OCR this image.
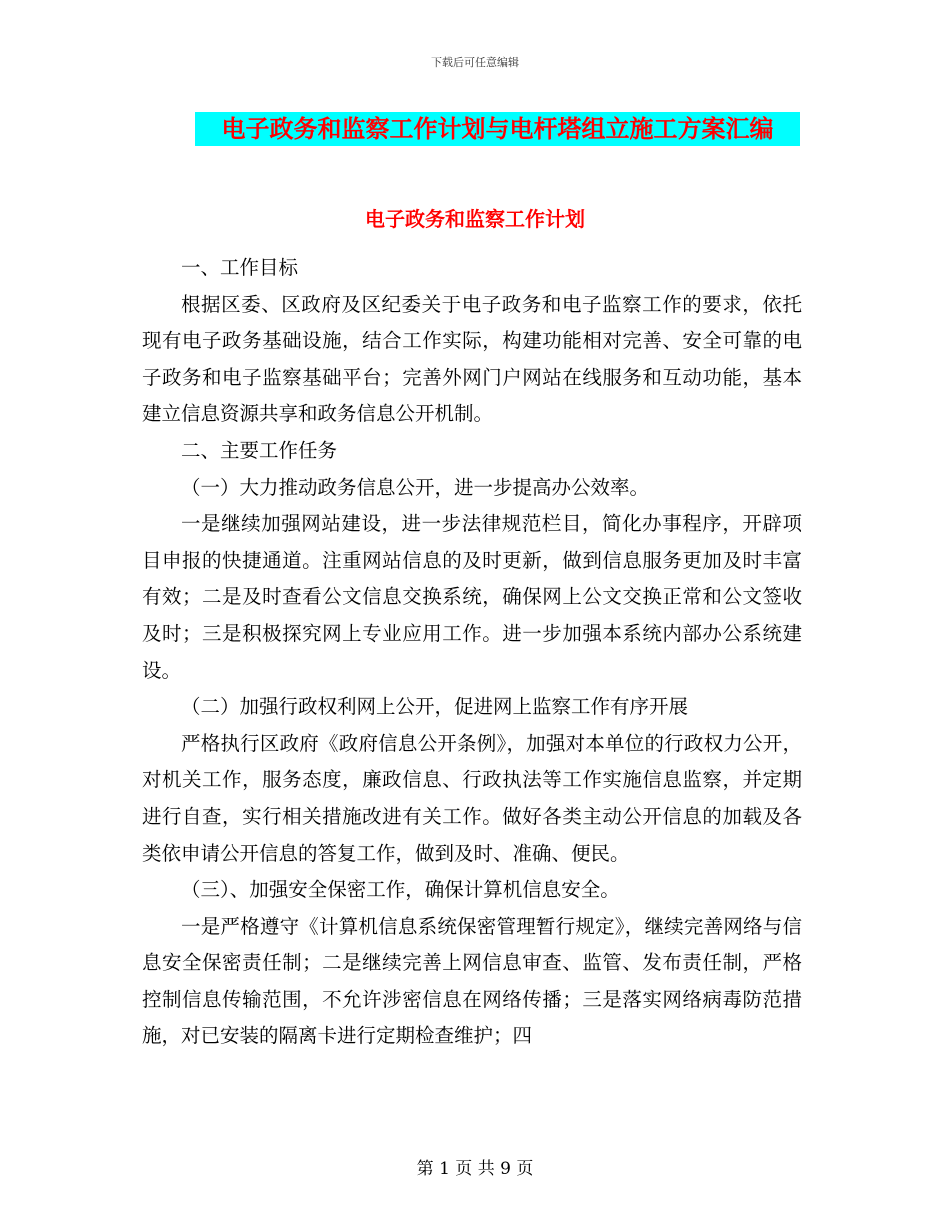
下载后可任意编辑
电子政务和监察工作计划与电杆塔组立施工方案汇编
电子政务和监察工作计划

一、工作目标

根据区委、区政府及区纪委关于电子政务和电子监察工作的要求，依托现有电子政务基础设施，结合工作实际，构建功能相对完善、安全可靠的电子政务和电子监察基础平台；完善外网门户网站在线服务和互动功能，基本建立信息资源共享和政务信息公开机制。

二、主要工作任务

（一）大力推动政务信息公开，进一步提高办公效率。

一是继续加强网站建设，进一步法律规范栏目，简化办事程序，开辟项目申报的快捷通道。注重网站信息的及时更新，做到信息服务更加及时丰富有效；二是及时查看公文信息交换系统，确保网上公文交换正常和公文签收及时；三是积极探究网上专业应用工作。进一步加强本系统内部办公系统建设。

（二）加强行政权利网上公开，促进网上监察工作有序开展

严格执行区政府《政府信息公开条例》，加强对本单位的行政权力公开，对机关工作，服务态度，廉政信息、行政执法等工作实施信息监察，并定期进行自查，实行相关措施改进有关工作。做好各类主动公开信息的加载及各类依申请公开信息的答复工作，做到及时、准确、便民。

（三）、加强安全保密工作，确保计算机信息安全。

一是严格遵守《计算机信息系统保密管理暂行规定》，继续完善网络与信息安全保密责任制；二是继续完善上网信息审查、监管、发布责任制，严格控制信息传输范围，不允许涉密信息在网络传播；三是落实网络病毒防范措施，对已安装的隔离卡进行定期检查维护；四

第 1 页 共 9 页
